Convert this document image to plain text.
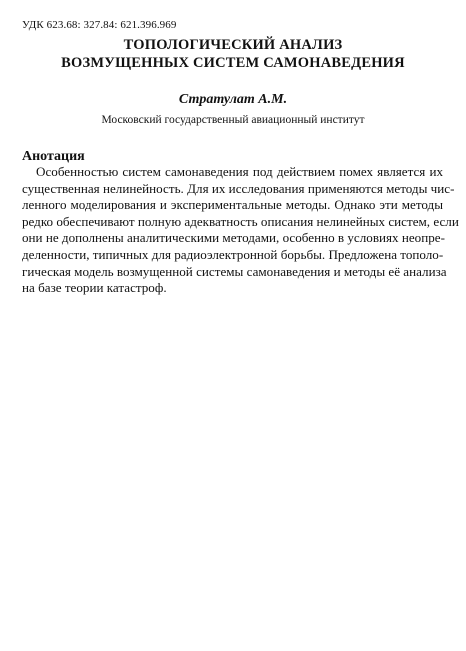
УДК 623.68: 327.84: 621.396.969
ТОПОЛОГИЧЕСКИЙ АНАЛИЗ
ВОЗМУЩЕННЫХ СИСТЕМ САМОНАВЕДЕНИЯ
Стратулат А.М.
Московский государственный авиационный институт
Анотация
Особенностью систем самонаведения под действием помех является их
существенная нелинейность. Для их исследования применяются методы чис-
ленного моделирования и экспериментальные методы. Однако эти методы
редко обеспечивают полную адекватность описания нелинейных систем, если
они не дополнены аналитическими методами, особенно в условиях неопре-
деленности, типичных для радиоэлектронной борьбы. Предложена тополо-
гическая модель возмущенной системы самонаведения и методы её анализа
на базе теории катастроф.
